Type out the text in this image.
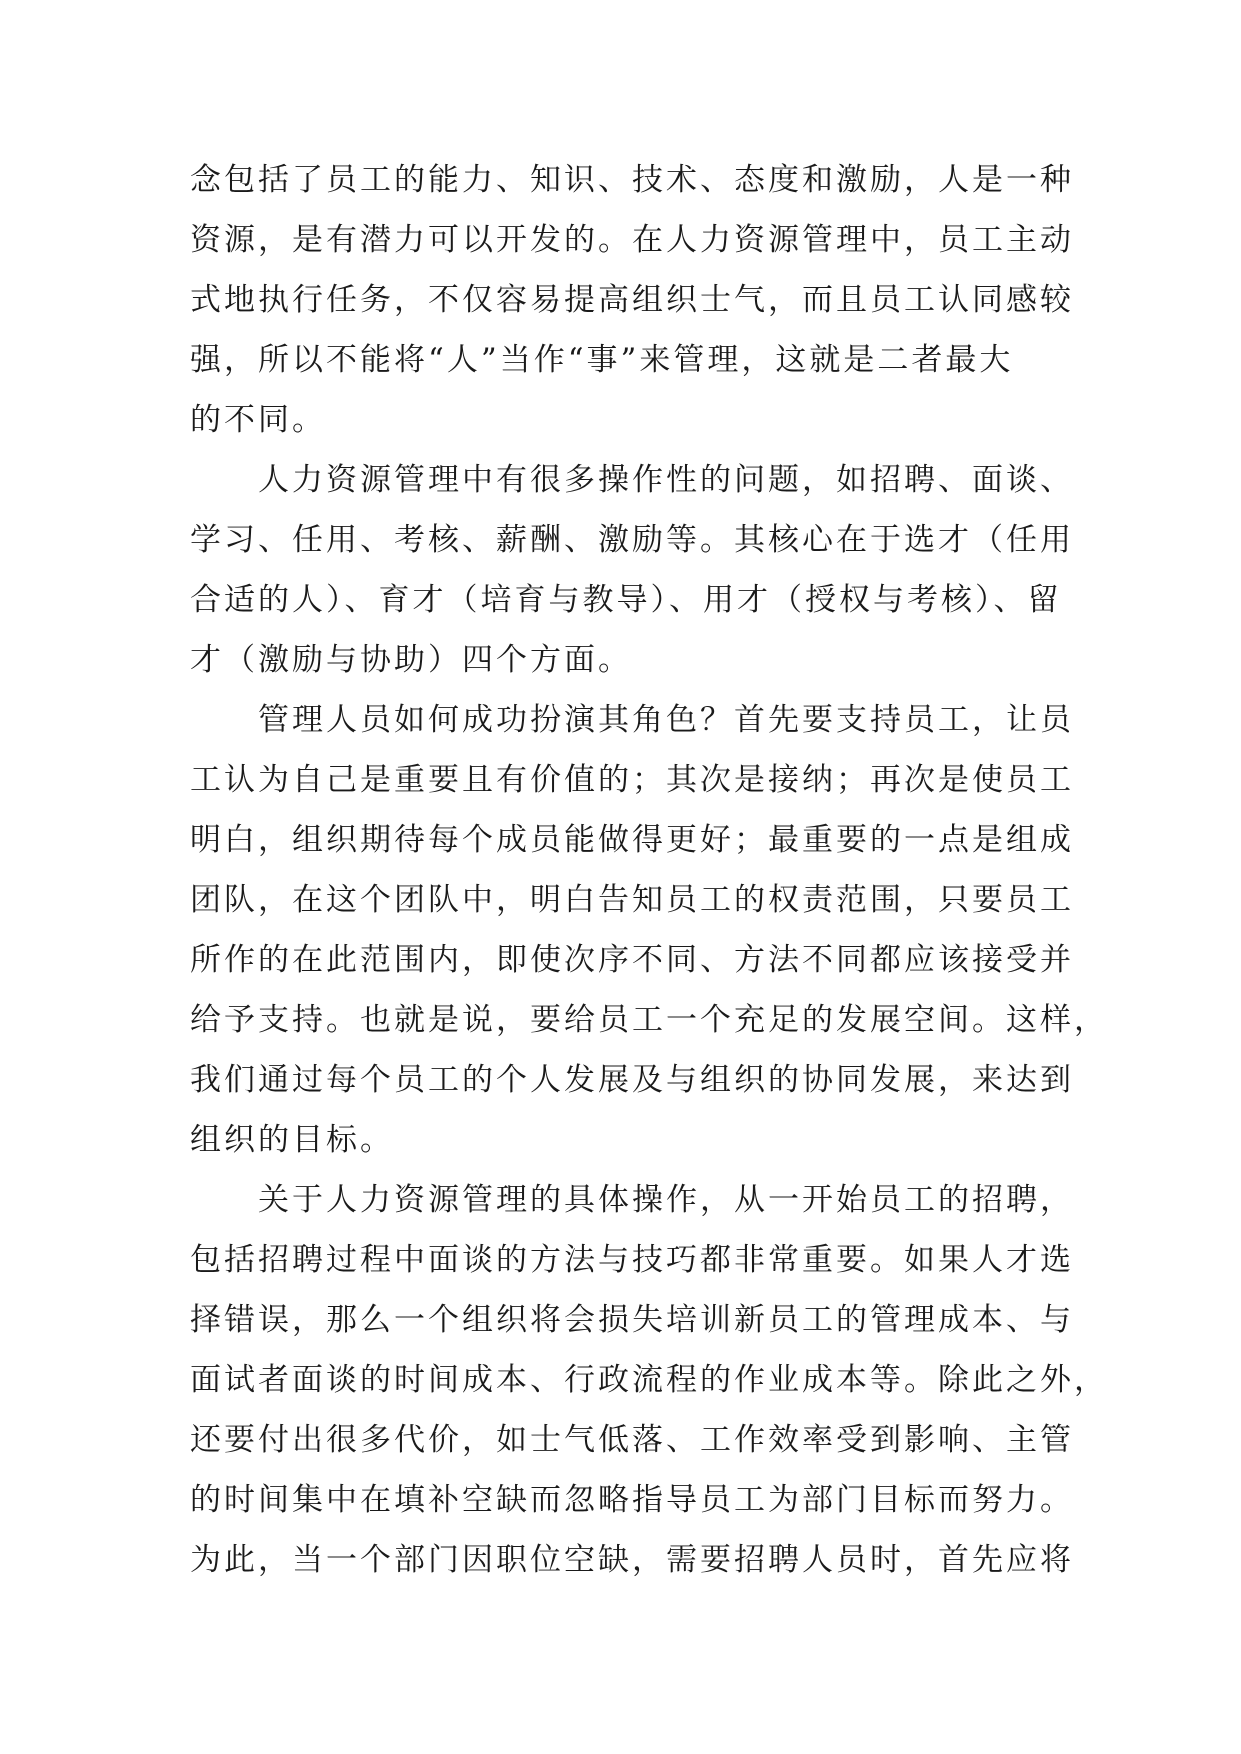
念包括了员工的能力、知识、技术、态度和激励，人是一种
资源，是有潜力可以开发的。在人力资源管理中，员工主动
式地执行任务，不仅容易提高组织士气，而且员工认同感较
强，所以不能将“人”当作“事”来管理，这就是二者最大
的不同。
人力资源管理中有很多操作性的问题，如招聘、面谈、
学习、任用、考核、薪酬、激励等。其核心在于选才（任用
合适的人）、育才（培育与教导）、用才（授权与考核）、留
才（激励与协助）四个方面。
管理人员如何成功扮演其角色？首先要支持员工，让员
工认为自己是重要且有价值的；其次是接纳；再次是使员工
明白，组织期待每个成员能做得更好；最重要的一点是组成
团队，在这个团队中，明白告知员工的权责范围，只要员工
所作的在此范围内，即使次序不同、方法不同都应该接受并
给予支持。也就是说，要给员工一个充足的发展空间。这样，
我们通过每个员工的个人发展及与组织的协同发展，来达到
组织的目标。
关于人力资源管理的具体操作，从一开始员工的招聘，
包括招聘过程中面谈的方法与技巧都非常重要。如果人才选
择错误，那么一个组织将会损失培训新员工的管理成本、与
面试者面谈的时间成本、行政流程的作业成本等。除此之外，
还要付出很多代价，如士气低落、工作效率受到影响、主管
的时间集中在填补空缺而忽略指导员工为部门目标而努力。
为此，当一个部门因职位空缺，需要招聘人员时，首先应将
